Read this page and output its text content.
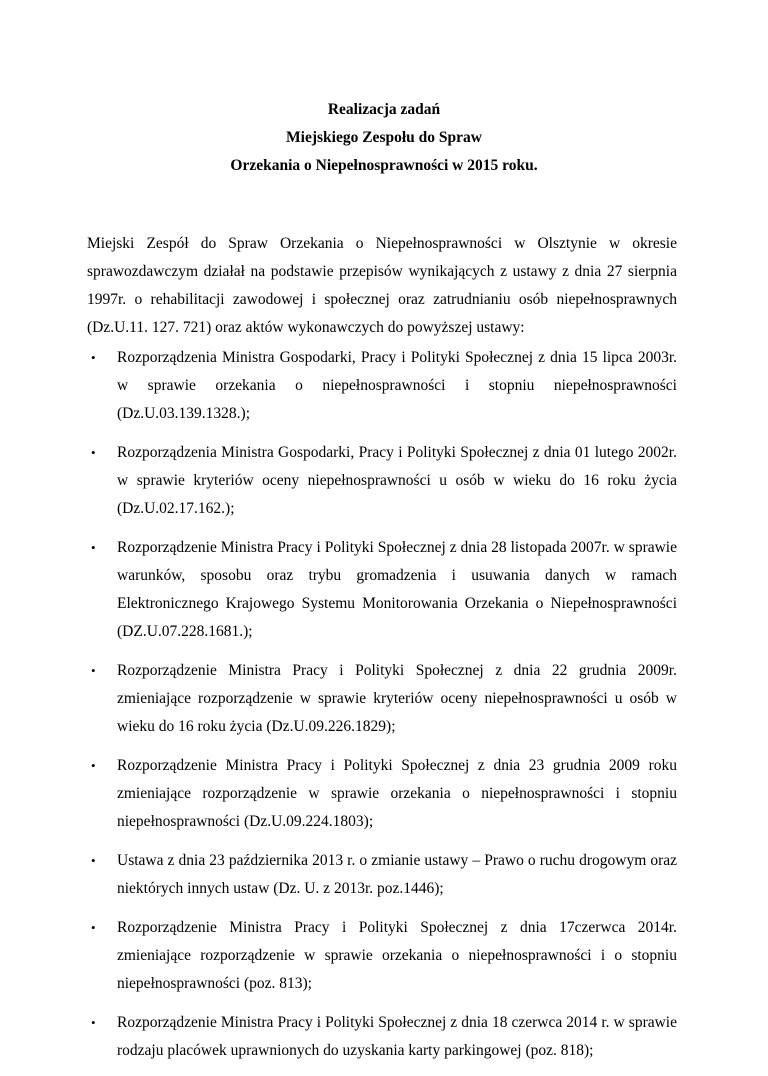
Realizacja zadań
Miejskiego Zespołu do Spraw
Orzekania o Niepełnosprawności w 2015 roku.

Miejski Zespół do Spraw Orzekania o Niepełnosprawności w Olsztynie w okresie sprawozdawczym działał na podstawie przepisów wynikających z ustawy z dnia 27 sierpnia 1997r. o rehabilitacji zawodowej i społecznej oraz zatrudnianiu osób niepełnosprawnych (Dz.U.11. 127. 721) oraz aktów wykonawczych do powyższej ustawy:

• Rozporządzenia Ministra Gospodarki, Pracy i Polityki Społecznej z dnia 15 lipca 2003r. w sprawie orzekania o niepełnosprawności i stopniu niepełnosprawności (Dz.U.03.139.1328.);
• Rozporządzenia Ministra Gospodarki, Pracy i Polityki Społecznej z dnia 01 lutego 2002r. w sprawie kryteriów oceny niepełnosprawności u osób w wieku do 16 roku życia (Dz.U.02.17.162.);
• Rozporządzenie Ministra Pracy i Polityki Społecznej z dnia 28 listopada 2007r. w sprawie warunków, sposobu oraz trybu gromadzenia i usuwania danych w ramach Elektronicznego Krajowego Systemu Monitorowania Orzekania o Niepełnosprawności (DZ.U.07.228.1681.);
• Rozporządzenie Ministra Pracy i Polityki Społecznej z dnia 22 grudnia 2009r. zmieniające rozporządzenie w sprawie kryteriów oceny niepełnosprawności u osób w wieku do 16 roku życia (Dz.U.09.226.1829);
• Rozporządzenie Ministra Pracy i Polityki Społecznej z dnia 23 grudnia 2009 roku zmieniające rozporządzenie w sprawie orzekania o niepełnosprawności i stopniu niepełnosprawności (Dz.U.09.224.1803);
• Ustawa z dnia 23 października 2013 r. o zmianie ustawy – Prawo o ruchu drogowym oraz niektórych innych ustaw (Dz. U. z 2013r. poz.1446);
• Rozporządzenie Ministra Pracy i Polityki Społecznej z dnia 17czerwca 2014r. zmieniające rozporządzenie w sprawie orzekania o niepełnosprawności i o stopniu niepełnosprawności (poz. 813);
• Rozporządzenie Ministra Pracy i Polityki Społecznej z dnia 18 czerwca 2014 r. w sprawie rodzaju placówek uprawnionych do uzyskania karty parkingowej (poz. 818);
